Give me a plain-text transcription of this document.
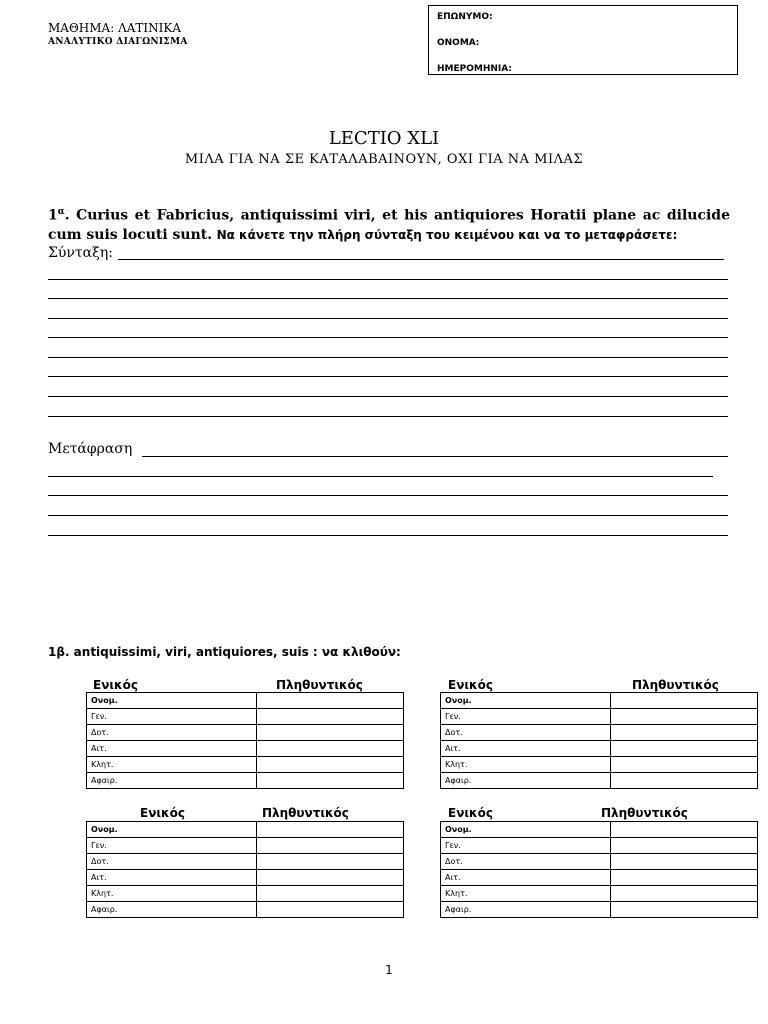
ΜΑΘΗΜΑ: ΛΑΤΙΝΙΚΑ
ΑΝΑΛΥΤΙΚΟ ΔΙΑΓΩΝΙΣΜΑ
ΕΠΩΝΥΜΟ:
ΟΝΟΜΑ:
ΗΜΕΡΟΜΗΝΙΑ:
LECTIO XLI
ΜΙΛΑ ΓΙΑ ΝΑ ΣΕ ΚΑΤΑΛΑΒΑΙΝΟΥΝ, ΟΧΙ ΓΙΑ ΝΑ ΜΙΛΑΣ
$1^\alpha$. Curius et Fabricius, antiquissimi viri, et his antiquiores Horatii plane ac dilucide cum suis locuti sunt. Να κάνετε την πλήρη σύνταξη του κειμένου και να το μεταφράσετε:
Σύνταξη:
Μετάφραση
1β. antiquissimi, viri, antiquiores, suis : να κλιθούν:
Ενικός	Πληθυντικός
Ονομ.	
Γεν.	
Δοτ.	
Αιτ.	
Κλητ.	
Αφαιρ.	
Ενικός	Πληθυντικός
Ονομ.	
Γεν.	
Δοτ.	
Αιτ.	
Κλητ.	
Αφαιρ.	
Ενικός	Πληθυντικός
Ονομ.	
Γεν.	
Δοτ.	
Αιτ.	
Κλητ.	
Αφαιρ.	
Ενικός	Πληθυντικός
Ονομ.	
Γεν.	
Δοτ.	
Αιτ.	
Κλητ.	
Αφαιρ.	
1
